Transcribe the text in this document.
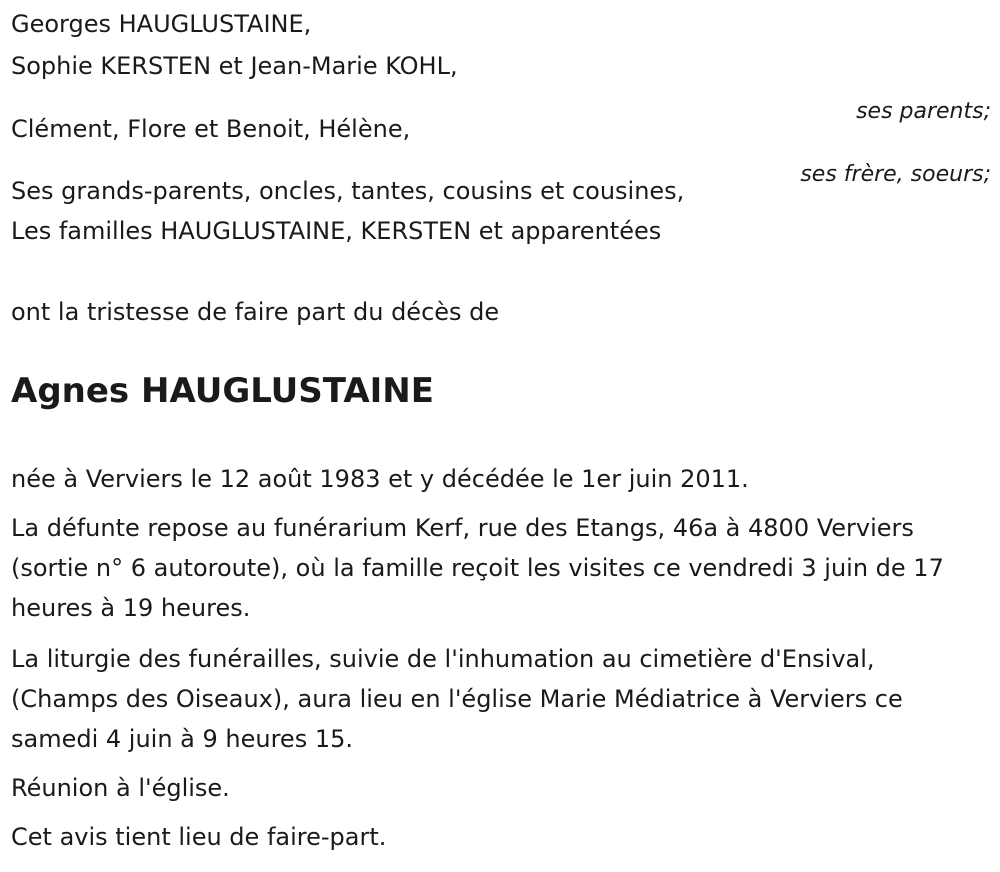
Georges HAUGLUSTAINE,

Sophie KERSTEN et Jean-Marie KOHL,

ses parents;

Clément, Flore et Benoit, Hélène,

ses frère, soeurs;

Ses grands-parents, oncles, tantes, cousins et cousines,

Les familles HAUGLUSTAINE, KERSTEN et apparentées

ont la tristesse de faire part du décès de

Agnes HAUGLUSTAINE

née à Verviers le 12 août 1983 et y décédée le 1er juin 2011.

La défunte repose au funérarium Kerf, rue des Etangs, 46a à 4800 Verviers (sortie n° 6 autoroute), où la famille reçoit les visites ce vendredi 3 juin de 17 heures à 19 heures.

La liturgie des funérailles, suivie de l'inhumation au cimetière d'Ensival, (Champs des Oiseaux), aura lieu en l'église Marie Médiatrice à Verviers ce samedi 4 juin à 9 heures 15.

Réunion à l'église.

Cet avis tient lieu de faire-part.
